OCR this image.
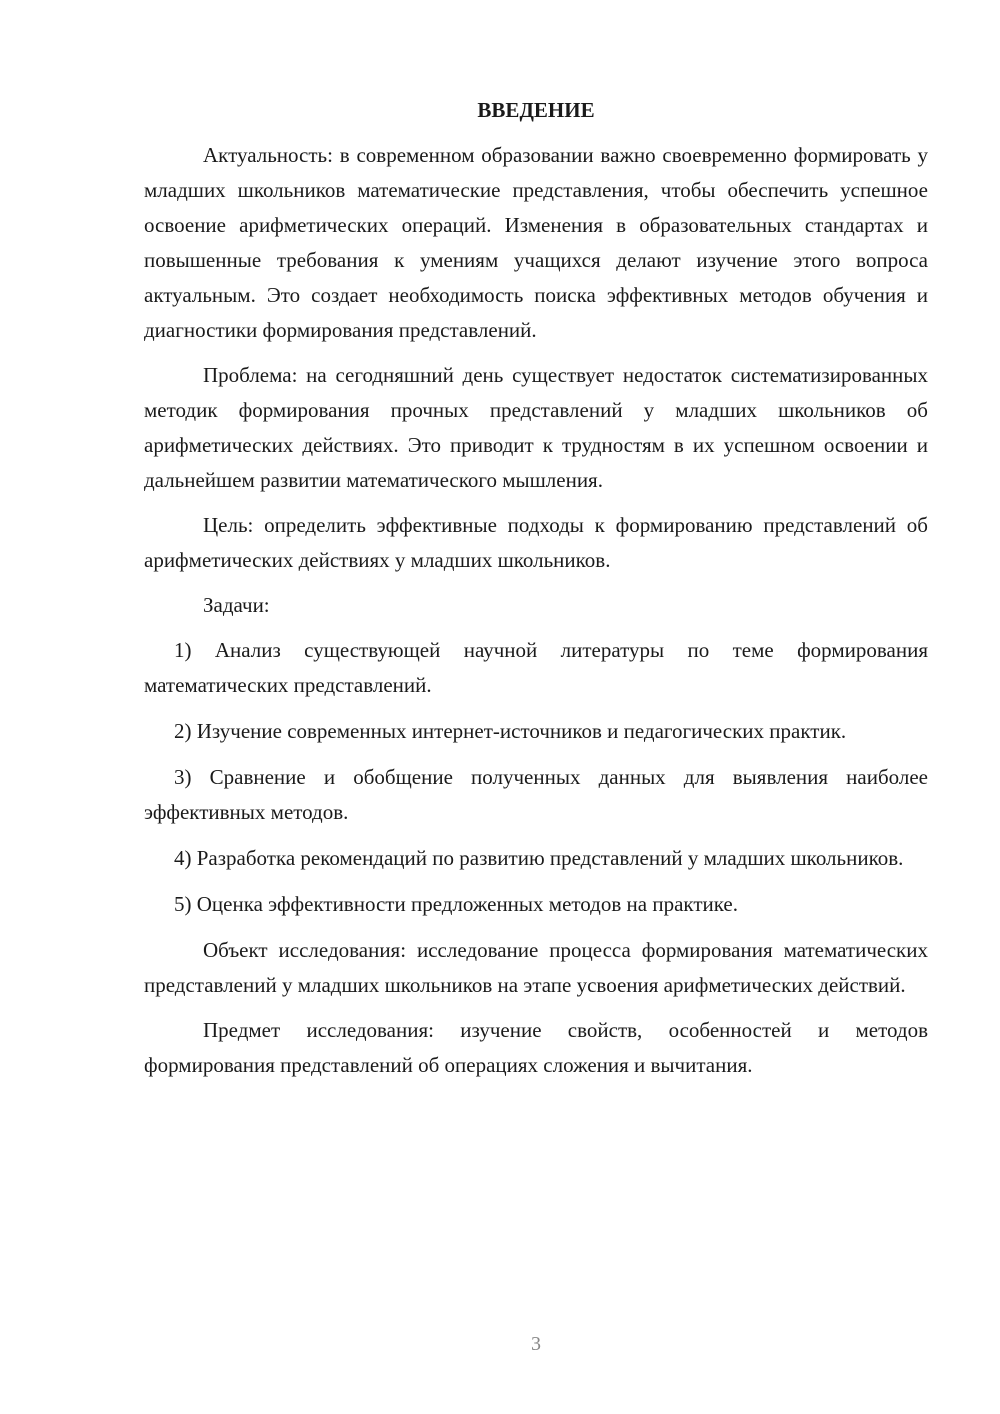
ВВЕДЕНИЕ

Актуальность: в современном образовании важно своевременно формировать у младших школьников математические представления, чтобы обеспечить успешное освоение арифметических операций. Изменения в образовательных стандартах и повышенные требования к умениям учащихся делают изучение этого вопроса актуальным. Это создает необходимость поиска эффективных методов обучения и диагностики формирования представлений.

Проблема: на сегодняшний день существует недостаток систематизированных методик формирования прочных представлений у младших школьников об арифметических действиях. Это приводит к трудностям в их успешном освоении и дальнейшем развитии математического мышления.

Цель: определить эффективные подходы к формированию представлений об арифметических действиях у младших школьников.

Задачи:

1) Анализ существующей научной литературы по теме формирования математических представлений.

2) Изучение современных интернет-источников и педагогических практик.

3) Сравнение и обобщение полученных данных для выявления наиболее эффективных методов.

4) Разработка рекомендаций по развитию представлений у младших школьников.

5) Оценка эффективности предложенных методов на практике.

Объект исследования: исследование процесса формирования математических представлений у младших школьников на этапе усвоения арифметических действий.

Предмет исследования: изучение свойств, особенностей и методов формирования представлений об операциях сложения и вычитания.

3
